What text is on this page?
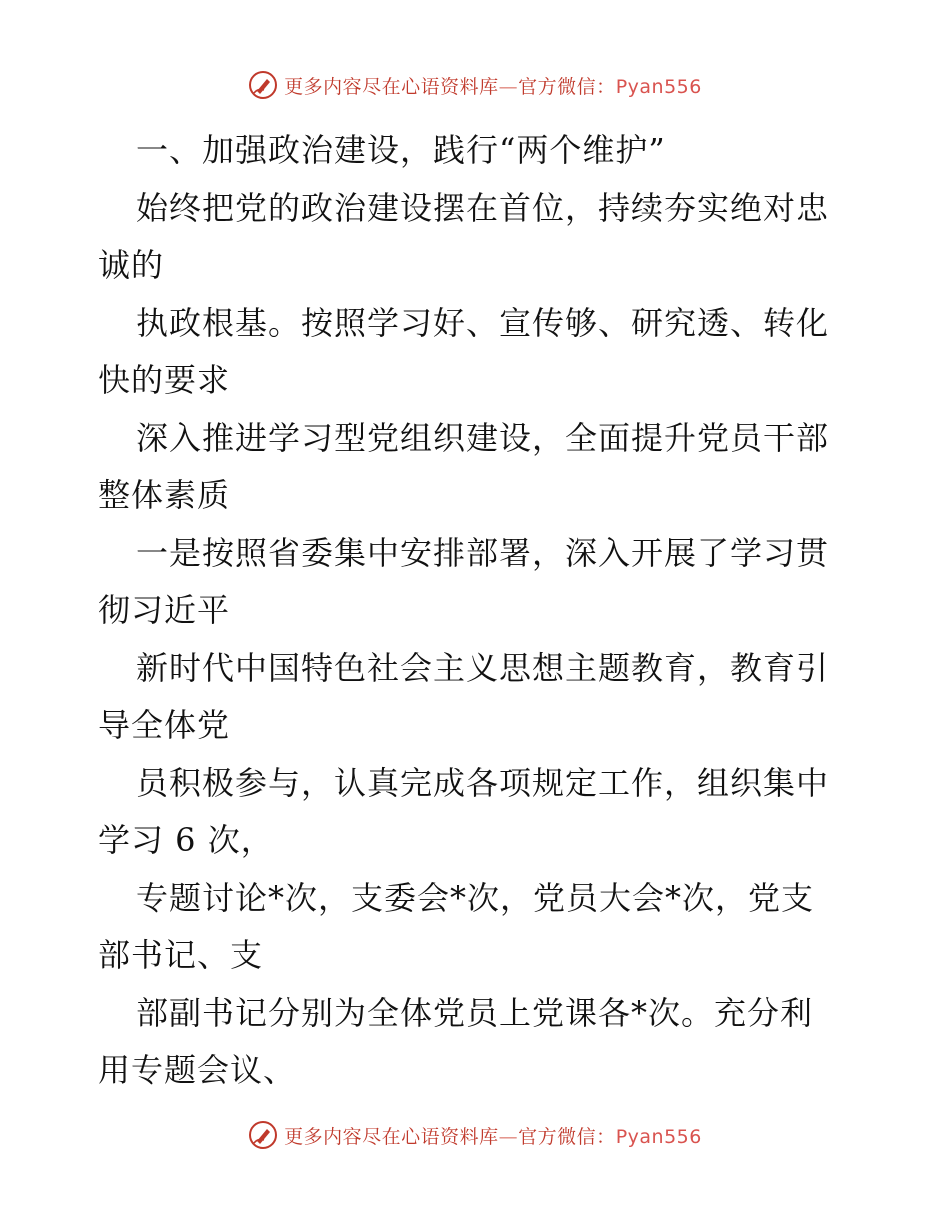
更多内容尽在心语资料库—官方微信：Pyan556
一、加强政治建设，践行“两个维护”
始终把党的政治建设摆在首位，持续夯实绝对忠
诚的
执政根基。按照学习好、宣传够、研究透、转化
快的要求
深入推进学习型党组织建设，全面提升党员干部
整体素质
一是按照省委集中安排部署，深入开展了学习贯
彻习近平
新时代中国特色社会主义思想主题教育，教育引
导全体党
员积极参与，认真完成各项规定工作，组织集中
学习 6 次，
专题讨论*次，支委会*次，党员大会*次，党支
部书记、支
部副书记分别为全体党员上党课各*次。充分利
用专题会议、
更多内容尽在心语资料库—官方微信：Pyan556
